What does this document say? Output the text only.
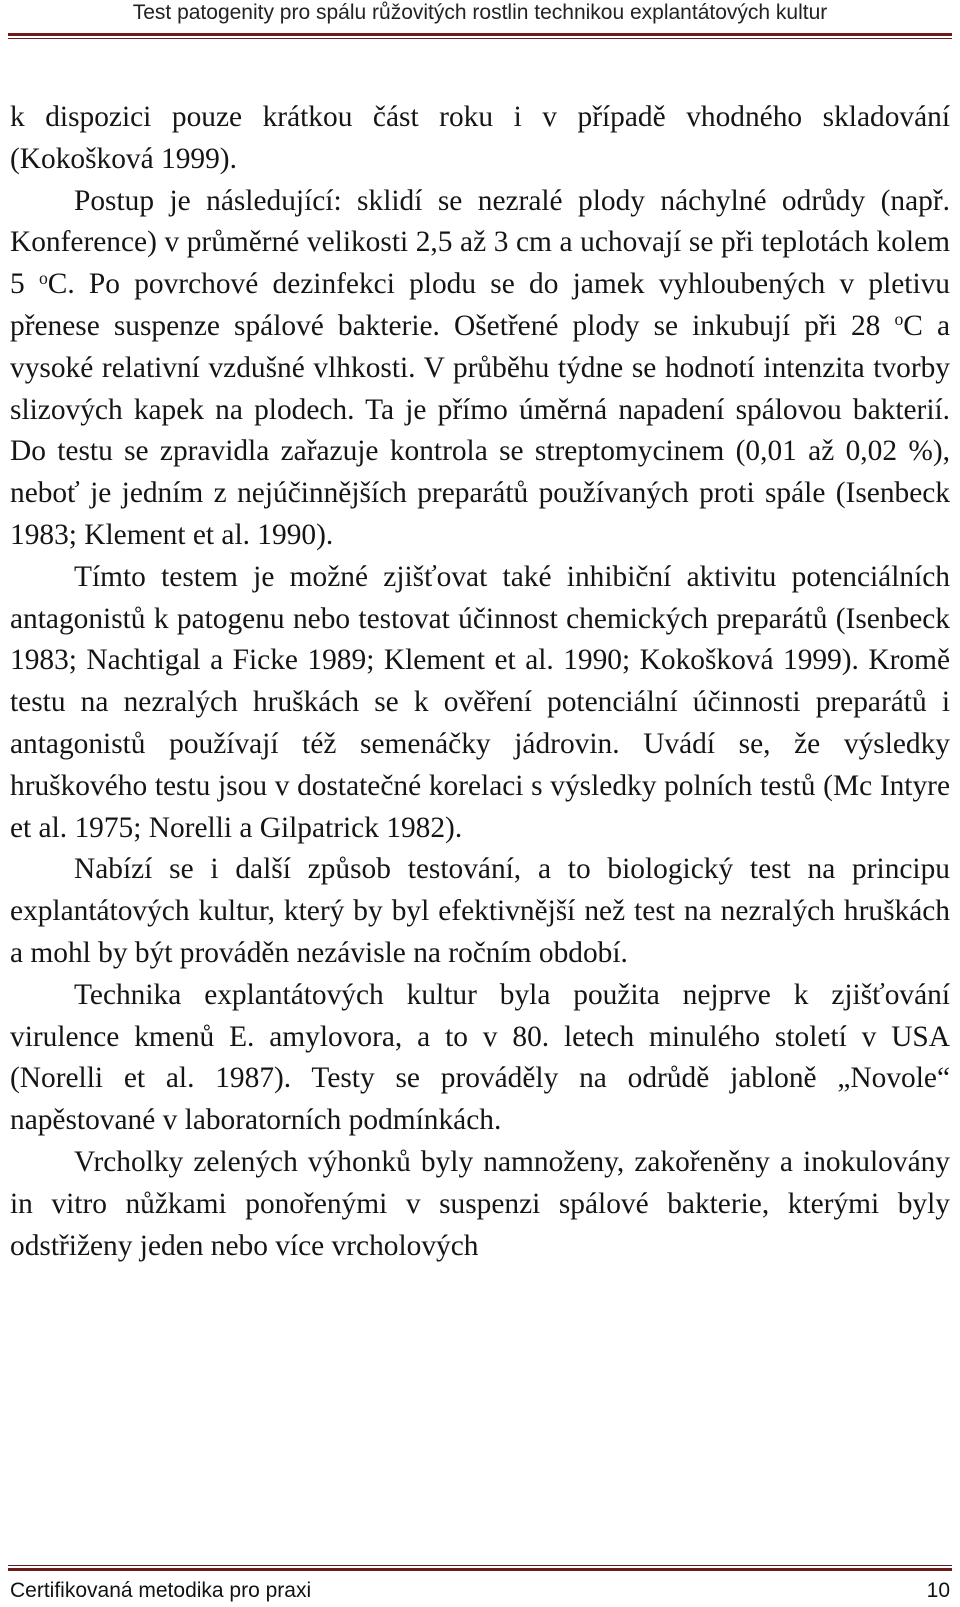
Test patogenity pro spálu růžovitých rostlin technikou explantátových kultur

k dispozici pouze krátkou část roku i v případě vhodného skladování (Kokošková 1999).

Postup je následující: sklidí se nezralé plody náchylné odrůdy (např. Konference) v průměrné velikosti 2,5 až 3 cm a uchovají se při teplotách kolem 5 $^o$C. Po povrchové dezinfekci plodu se do jamek vyhloubených v pletivu přenese suspenze spálové bakterie. Ošetřené plody se inkubují při 28 $^o$C a vysoké relativní vzdušné vlhkosti. V průběhu týdne se hodnotí intenzita tvorby slizových kapek na plodech. Ta je přímo úměrná napadení spálovou bakterií. Do testu se zpravidla zařazuje kontrola se streptomycinem (0,01 až 0,02 %), neboť je jedním z nejúčinnějších preparátů používaných proti spále (Isenbeck 1983; Klement et al. 1990).

Tímto testem je možné zjišťovat také inhibiční aktivitu potenciálních antagonistů k patogenu nebo testovat účinnost chemických preparátů (Isenbeck 1983; Nachtigal a Ficke 1989; Klement et al. 1990; Kokošková 1999). Kromě testu na nezralých hruškách se k ověření potenciální účinnosti preparátů i antagonistů používají též semenáčky jádrovin. Uvádí se, že výsledky hruškového testu jsou v dostatečné korelaci s výsledky polních testů (Mc Intyre et al. 1975; Norelli a Gilpatrick 1982).

Nabízí se i další způsob testování, a to biologický test na principu explantátových kultur, který by byl efektivnější než test na nezralých hruškách a mohl by být prováděn nezávisle na ročním období.

Technika explantátových kultur byla použita nejprve k zjišťování virulence kmenů E. amylovora, a to v 80. letech minulého století v USA (Norelli et al. 1987). Testy se prováděly na odrůdě jabloně „Novole“ napěstované v laboratorních podmínkách.

Vrcholky zelených výhonků byly namnoženy, zakořeněny a inokulovány in vitro nůžkami ponořenými v suspenzi spálové bakterie, kterými byly odstřiženy jeden nebo více vrcholových

Certifikovaná metodika pro praxi	10
